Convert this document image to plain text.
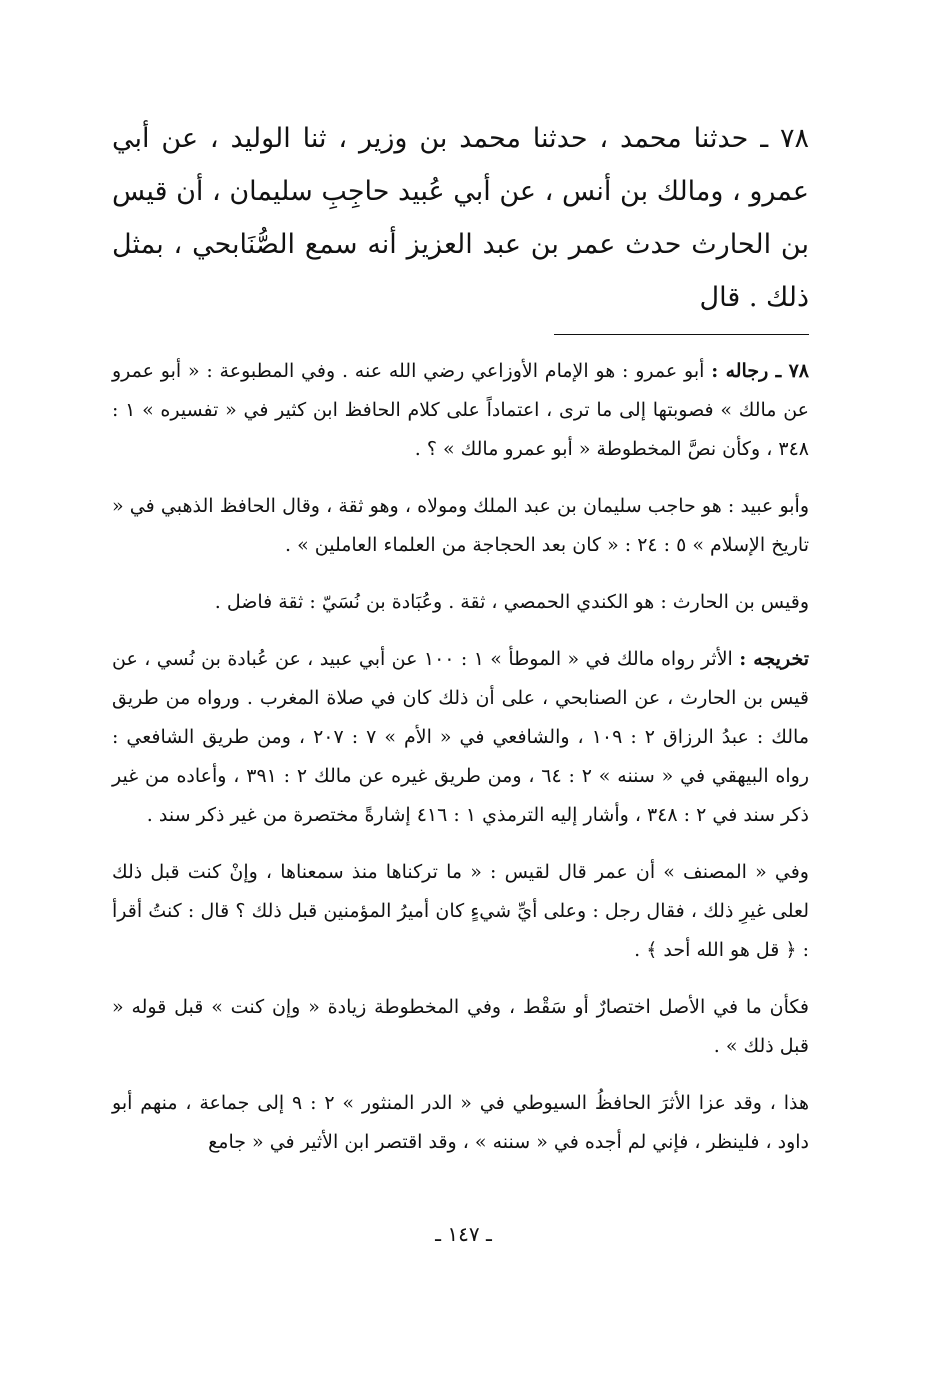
٧٨ ـ حدثنا محمد ، حدثنا محمد بن وزير ، ثنا الوليد ، عن أبي عمرو ، ومالك بن أنس ، عن أبي عُبيد حاجِبِ سليمان ، أن قيس بن الحارث حدث عمر بن عبد العزيز أنه سمع الصُّنَابحي ، بمثل ذلك . قال

٧٨ ـ رجاله : أبو عمرو : هو الإمام الأوزاعي رضي الله عنه . وفي المطبوعة : « أبو عمرو عن مالك » فصوبتها إلى ما ترى ، اعتماداً على كلام الحافظ ابن كثير في « تفسيره » ١ : ٣٤٨ ، وكأن نصَّ المخطوطة « أبو عمرو مالك » ؟ .

وأبو عبيد : هو حاجب سليمان بن عبد الملك ومولاه ، وهو ثقة ، وقال الحافظ الذهبي في « تاريخ الإسلام » ٥ : ٢٤ : « كان بعد الحجاجة من العلماء العاملين » .

وقيس بن الحارث : هو الكندي الحمصي ، ثقة . وعُبَادة بن نُسَيّ : ثقة فاضل .

تخريجه : الأثر رواه مالك في « الموطأ » ١ : ١٠٠ عن أبي عبيد ، عن عُبادة بن نُسي ، عن قيس بن الحارث ، عن الصنابحي ، على أن ذلك كان في صلاة المغرب . ورواه من طريق مالك : عبدُ الرزاق ٢ : ١٠٩ ، والشافعي في « الأم » ٧ : ٢٠٧ ، ومن طريق الشافعي : رواه البيهقي في « سننه » ٢ : ٦٤ ، ومن طريق غيره عن مالك ٢ : ٣٩١ ، وأعاده من غير ذكر سند في ٢ : ٣٤٨ ، وأشار إليه الترمذي ١ : ٤١٦ إشارةً مختصرة من غير ذكر سند .

وفي « المصنف » أن عمر قال لقيس : « ما تركناها منذ سمعناها ، وإنْ كنت قبل ذلك لعلى غيرِ ذلك ، فقال رجل : وعلى أيِّ شيءٍ كان أميرُ المؤمنين قبل ذلك ؟ قال : كنتُ أقرأ : ﴿ قل هو الله أحد ﴾ .

فكأن ما في الأصل اختصارٌ أو سَقْط ، وفي المخطوطة زيادة « وإن كنت » قبل قوله « قبل ذلك » .

هذا ، وقد عزا الأثرَ الحافظُ السيوطي في « الدر المنثور » ٢ : ٩ إلى جماعة ، منهم أبو داود ، فلينظر ، فإني لم أجده في « سننه » ، وقد اقتصر ابن الأثير في « جامع

ـ ١٤٧ ـ
